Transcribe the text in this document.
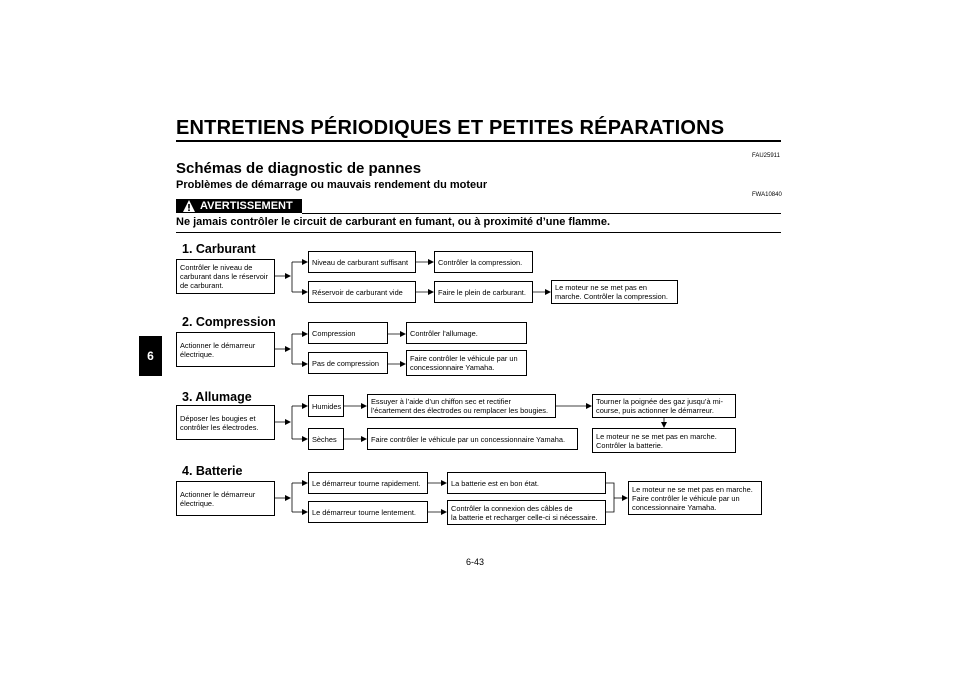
ENTRETIENS PÉRIODIQUES ET PETITES RÉPARATIONS
FAU25911
Schémas de diagnostic de pannes
Problèmes de démarrage ou mauvais rendement du moteur
FWA10840
AVERTISSEMENT
Ne jamais contrôler le circuit de carburant en fumant, ou à proximité d’une flamme.
6
1. Carburant
Contrôler le niveau de
carburant dans le réservoir
de carburant.
Niveau de carburant suffisant	Contrôler la compression.
Réservoir de carburant vide	Faire le plein de carburant.	Le moteur ne se met pas en
marche. Contrôler la compression.
2. Compression
Actionner le démarreur
électrique.
Compression	Contrôler l’allumage.
Pas de compression	Faire contrôler le véhicule par un
concessionnaire Yamaha.
3. Allumage
Déposer les bougies et
contrôler les électrodes.
Humides	Essuyer à l’aide d’un chiffon sec et rectifier
l’écartement des électrodes ou remplacer les bougies.
Tourner la poignée des gaz jusqu’à mi-
course, puis actionner le démarreur.
Le moteur ne se met pas en marche.
Contrôler la batterie.
Sèches	Faire contrôler le véhicule par un concessionnaire Yamaha.
4. Batterie
Actionner le démarreur
électrique.
Le démarreur tourne rapidement.	La batterie est en bon état.
Le démarreur tourne lentement.	Contrôler la connexion des câbles de
la batterie et recharger celle-ci si nécessaire.
Le moteur ne se met pas en marche.
Faire contrôler le véhicule par un
concessionnaire Yamaha.
6-43
